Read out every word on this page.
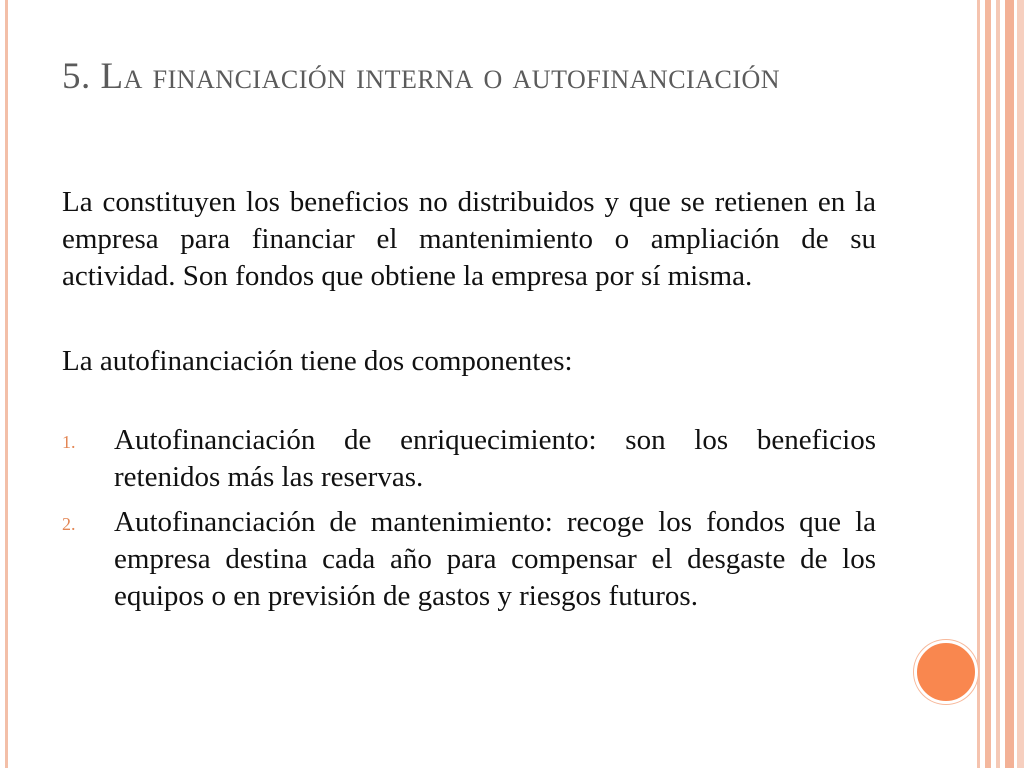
5. La financiación interna o autofinanciación

La constituyen los beneficios no distribuidos y que se retienen en la empresa para financiar el mantenimiento o ampliación de su actividad. Son fondos que obtiene la empresa por sí misma.

La autofinanciación tiene dos componentes:

1. Autofinanciación de enriquecimiento: son los beneficios retenidos más las reservas.
2. Autofinanciación de mantenimiento: recoge los fondos que la empresa destina cada año para compensar el desgaste de los equipos o en previsión de gastos y riesgos futuros.
